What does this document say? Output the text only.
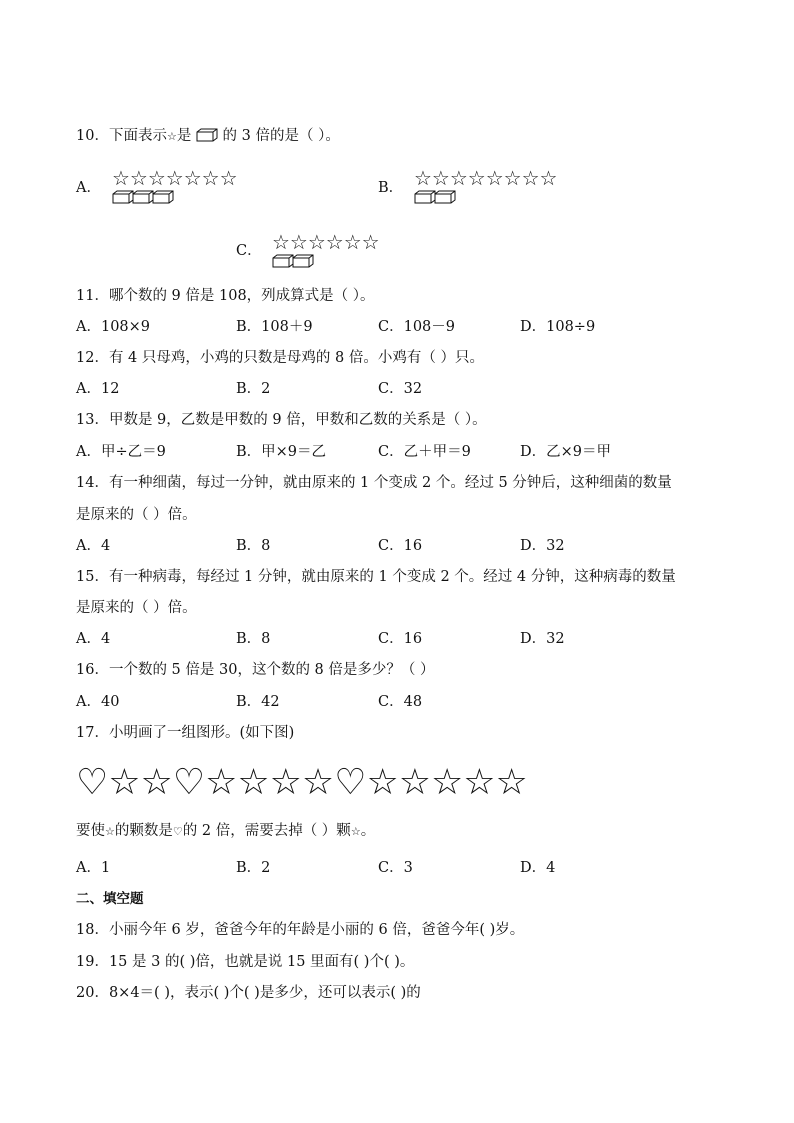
10．下面表示☆是 的 3 倍的是（ ）。
A． ☆☆☆☆☆☆☆	B． ☆☆☆☆☆☆☆☆
C． ☆☆☆☆☆☆
11．哪个数的 9 倍是 108，列成算式是（ ）。
A．108×9	B．108＋9	C．108－9	D．108÷9
12．有 4 只母鸡，小鸡的只数是母鸡的 8 倍。小鸡有（ ）只。
A．12	B．2	C．32
13．甲数是 9，乙数是甲数的 9 倍，甲数和乙数的关系是（ ）。
A．甲÷乙＝9	B．甲×9＝乙	C．乙＋甲＝9	D．乙×9＝甲
14．有一种细菌，每过一分钟，就由原来的 1 个变成 2 个。经过 5 分钟后，这种细菌的数量
是原来的（ ）倍。
A．4	B．8	C．16	D．32
15．有一种病毒，每经过 1 分钟，就由原来的 1 个变成 2 个。经过 4 分钟，这种病毒的数量
是原来的（ ）倍。
A．4	B．8	C．16	D．32
16．一个数的 5 倍是 30，这个数的 8 倍是多少？（ ）
A．40	B．42	C．48
17．小明画了一组图形。(如下图)
♡☆☆♡☆☆☆☆♡☆☆☆☆☆
要使☆的颗数是♡的 2 倍，需要去掉（ ）颗☆。
A．1	B．2	C．3	D．4
二、填空题
18．小丽今年 6 岁，爸爸今年的年龄是小丽的 6 倍，爸爸今年( )岁。
19．15 是 3 的( )倍，也就是说 15 里面有( )个( )。
20．8×4＝( )，表示( )个( )是多少，还可以表示( )的
